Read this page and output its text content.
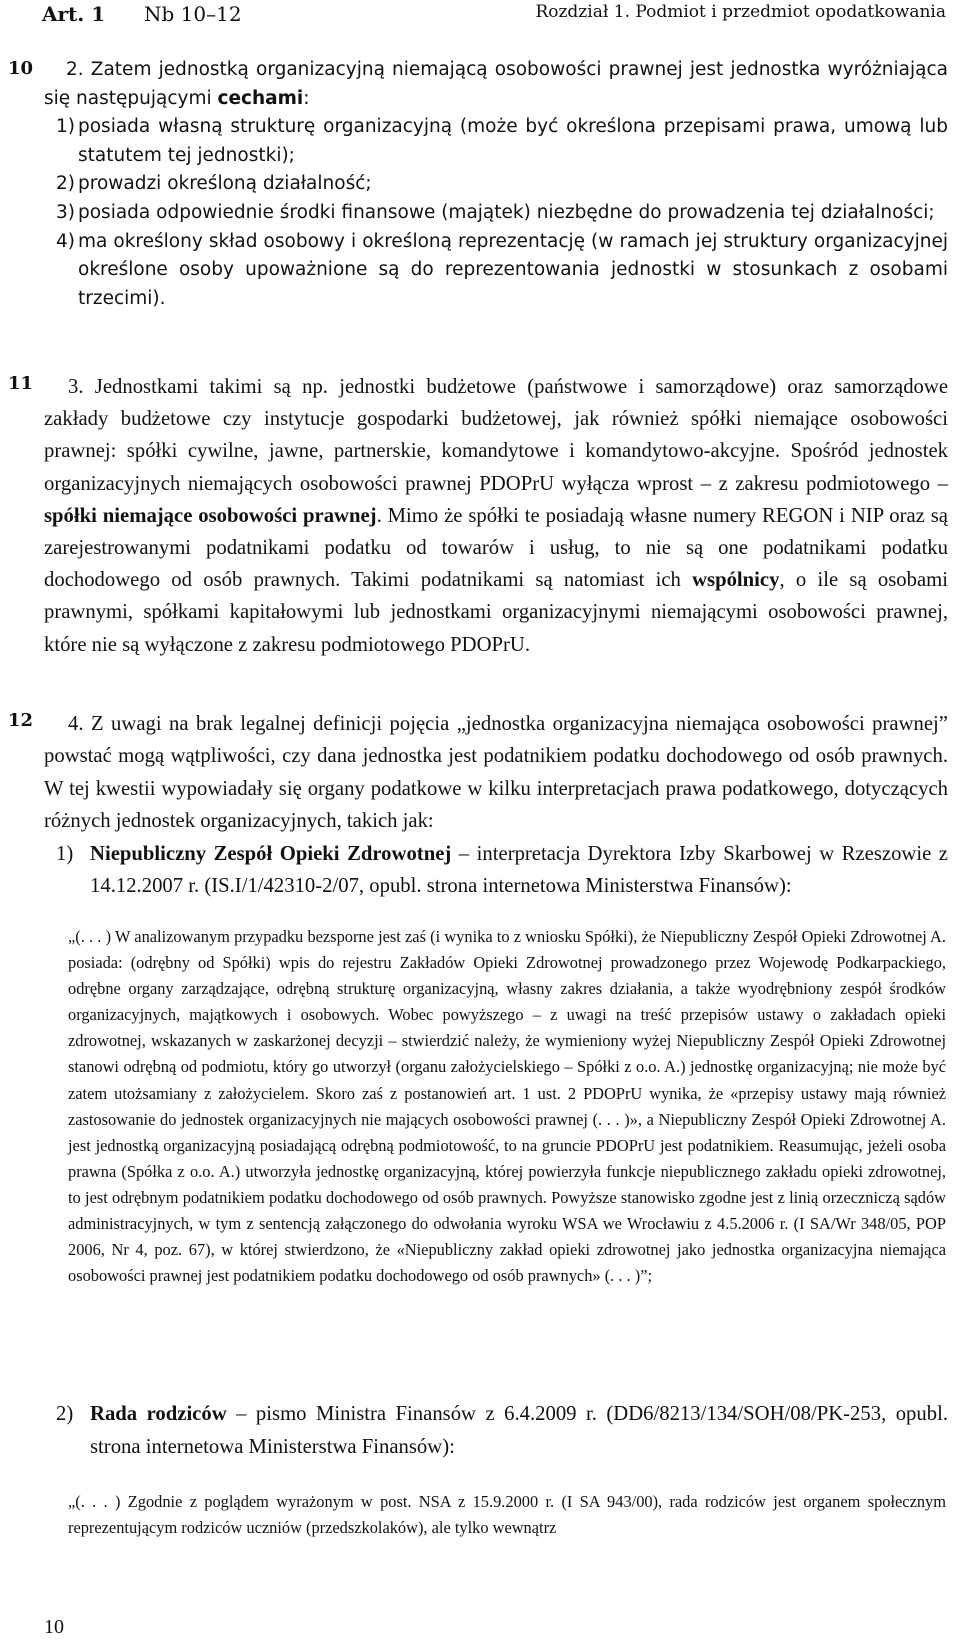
Art. 1 Nb 10–12	Rozdział 1. Podmiot i przedmiot opodatkowania
10
11
12

2. Zatem jednostką organizacyjną niemającą osobowości prawnej jest jednostka wyróżniająca się następującymi cechami:

1) posiada własną strukturę organizacyjną (może być określona przepisami prawa, umową lub statutem tej jednostki);
2) prowadzi określoną działalność;
3) posiada odpowiednie środki finansowe (majątek) niezbędne do prowadzenia tej działalności;
4) ma określony skład osobowy i określoną reprezentację (w ramach jej struktury organizacyjnej określone osoby upoważnione są do reprezentowania jednostki w stosunkach z osobami trzecimi).

3. Jednostkami takimi są np. jednostki budżetowe (państwowe i samorządowe) oraz samorządowe zakłady budżetowe czy instytucje gospodarki budżetowej, jak również spółki niemające osobowości prawnej: spółki cywilne, jawne, partnerskie, komandytowe i komandytowo-akcyjne. Spośród jednostek organizacyjnych niemających osobowości prawnej PDOPrU wyłącza wprost – z zakresu podmiotowego – spółki niemające osobowości prawnej. Mimo że spółki te posiadają własne numery REGON i NIP oraz są zarejestrowanymi podatnikami podatku od towarów i usług, to nie są one podatnikami podatku dochodowego od osób prawnych. Takimi podatnikami są natomiast ich wspólnicy, o ile są osobami prawnymi, spółkami kapitałowymi lub jednostkami organizacyjnymi niemającymi osobowości prawnej, które nie są wyłączone z zakresu podmiotowego PDOPrU.

4. Z uwagi na brak legalnej definicji pojęcia „jednostka organizacyjna niemająca osobowości prawnej” powstać mogą wątpliwości, czy dana jednostka jest podatnikiem podatku dochodowego od osób prawnych. W tej kwestii wypowiadały się organy podatkowe w kilku interpretacjach prawa podatkowego, dotyczących różnych jednostek organizacyjnych, takich jak:

1) Niepubliczny Zespół Opieki Zdrowotnej – interpretacja Dyrektora Izby Skarbowej w Rzeszowie z 14.12.2007 r. (IS.I/1/42310-2/07, opubl. strona internetowa Ministerstwa Finansów):
„(. . . ) W analizowanym przypadku bezsporne jest zaś (i wynika to z wniosku Spółki), że Niepubliczny Zespół Opieki Zdrowotnej A. posiada: (odrębny od Spółki) wpis do rejestru Zakładów Opieki Zdrowotnej prowadzonego przez Wojewodę Podkarpackiego, odrębne organy zarządzające, odrębną strukturę organizacyjną, własny zakres działania, a także wyodrębniony zespół środków organizacyjnych, majątkowych i osobowych. Wobec powyższego – z uwagi na treść przepisów ustawy o zakładach opieki zdrowotnej, wskazanych w zaskarżonej decyzji – stwierdzić należy, że wymieniony wyżej Niepubliczny Zespół Opieki Zdrowotnej stanowi odrębną od podmiotu, który go utworzył (organu założycielskiego – Spółki z o.o. A.) jednostkę organizacyjną; nie może być zatem utożsamiany z założycielem. Skoro zaś z postanowień art. 1 ust. 2 PDOPrU wynika, że «przepisy ustawy mają również zastosowanie do jednostek organizacyjnych nie mających osobowości prawnej (. . . )», a Niepubliczny Zespół Opieki Zdrowotnej A. jest jednostką organizacyjną posiadającą odrębną podmiotowość, to na gruncie PDOPrU jest podatnikiem. Reasumując, jeżeli osoba prawna (Spółka z o.o. A.) utworzyła jednostkę organizacyjną, której powierzyła funkcje niepublicznego zakładu opieki zdrowotnej, to jest odrębnym podatnikiem podatku dochodowego od osób prawnych. Powyższe stanowisko zgodne jest z linią orzeczniczą sądów administracyjnych, w tym z sentencją załączonego do odwołania wyroku WSA we Wrocławiu z 4.5.2006 r. (I SA/Wr 348/05, POP 2006, Nr 4, poz. 67), w której stwierdzono, że «Niepubliczny zakład opieki zdrowotnej jako jednostka organizacyjna niemająca osobowości prawnej jest podatnikiem podatku dochodowego od osób prawnych» (. . . )”;
2) Rada rodziców – pismo Ministra Finansów z 6.4.2009 r. (DD6/8213/134/SOH/08/PK-253, opubl. strona internetowa Ministerstwa Finansów):
„(. . . ) Zgodnie z poglądem wyrażonym w post. NSA z 15.9.2000 r. (I SA 943/00), rada rodziców jest organem społecznym reprezentującym rodziców uczniów (przedszkolaków), ale tylko wewnątrz
10
